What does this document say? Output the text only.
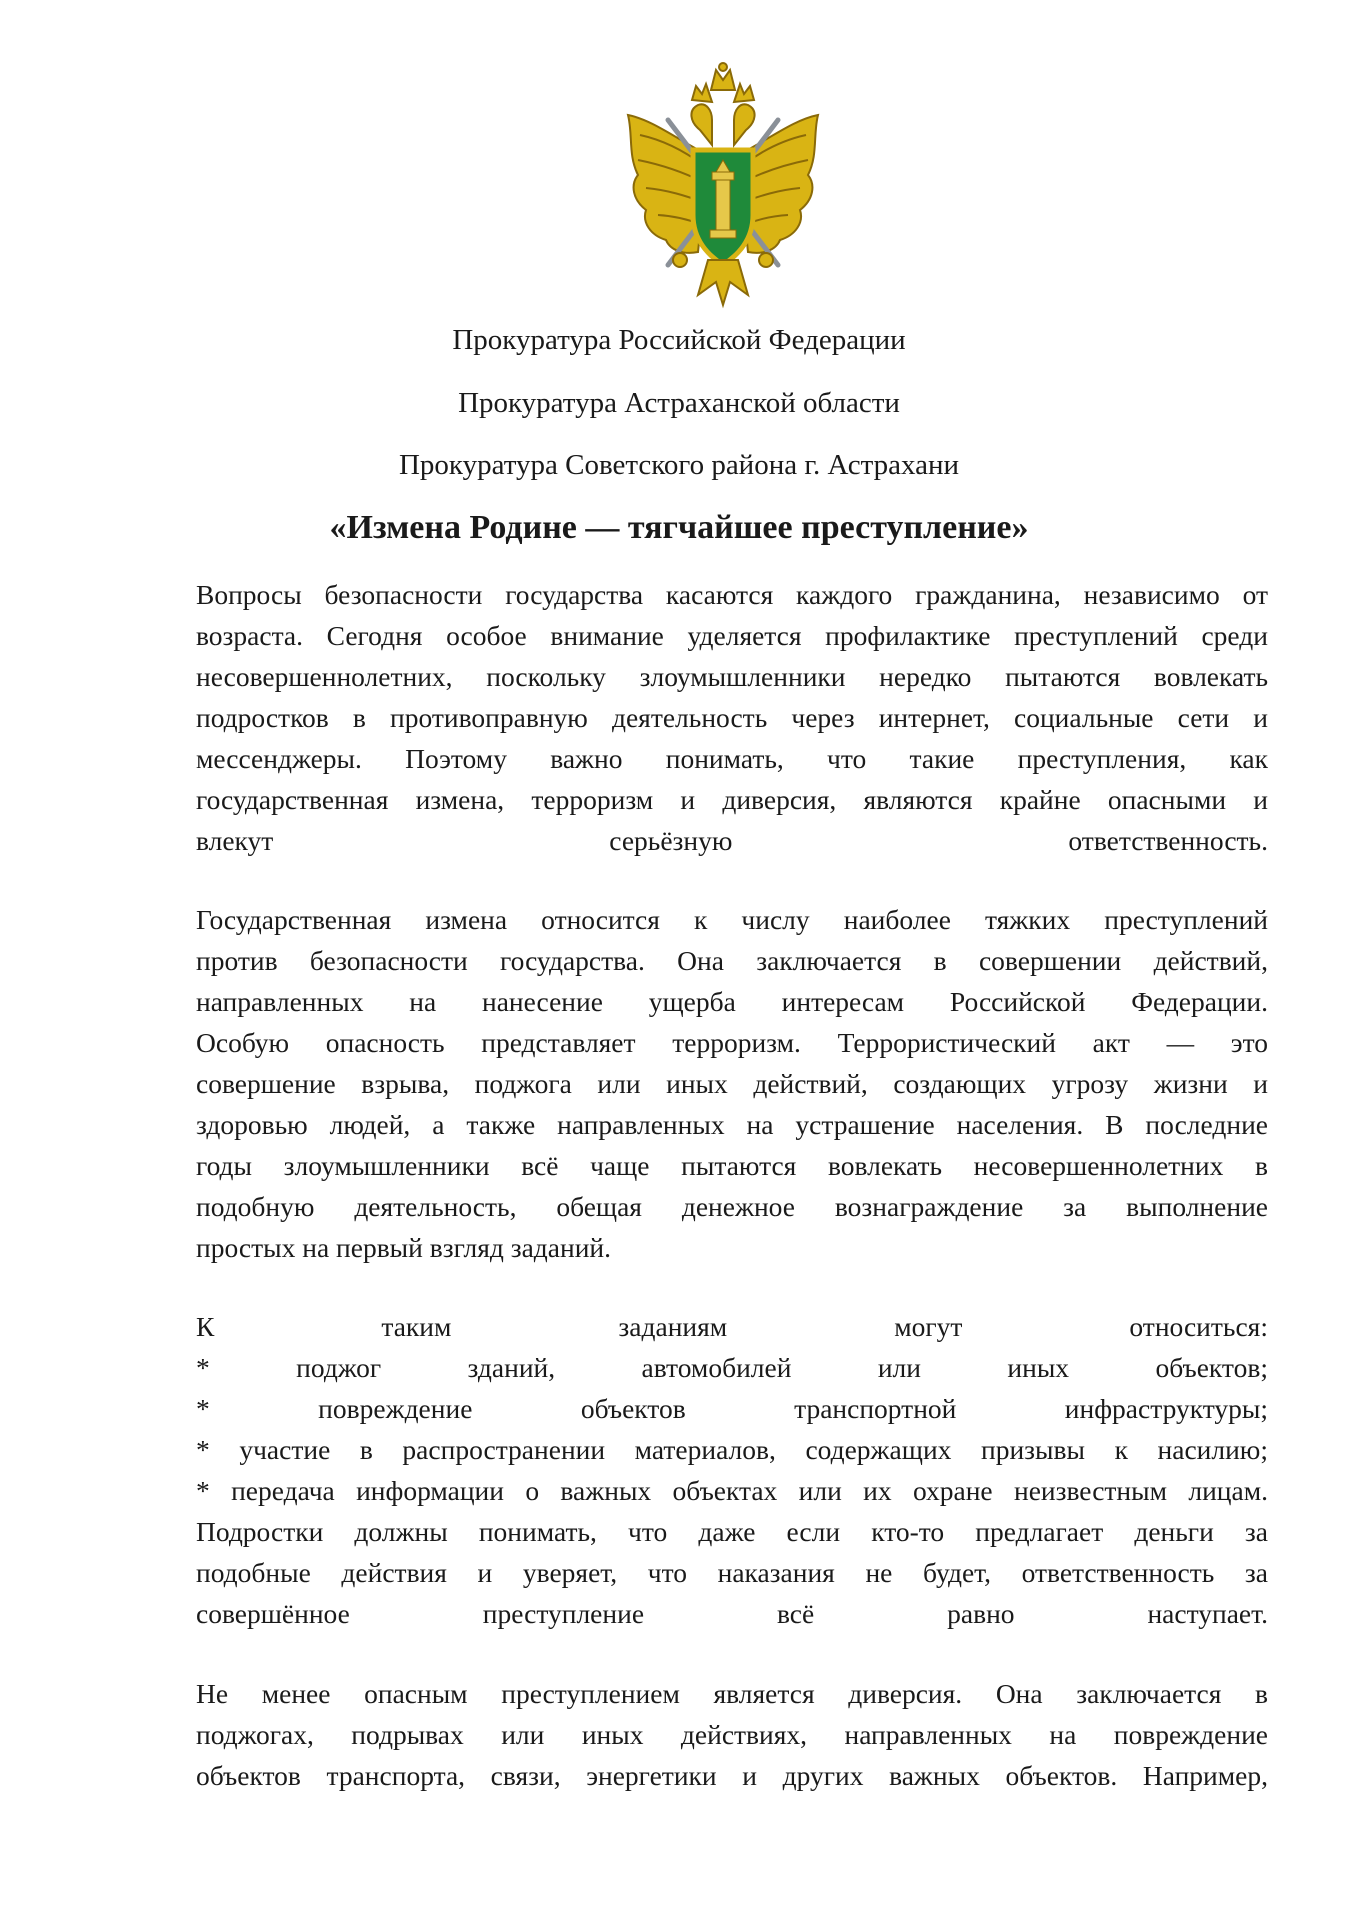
Прокуратура Российской Федерации
Прокуратура Астраханской области
Прокуратура Советского района г. Астрахани
«Измена Родине — тягчайшее преступление»
Вопросы безопасности государства касаются каждого гражданина, независимо от
возраста. Сегодня особое внимание уделяется профилактике преступлений среди
несовершеннолетних, поскольку злоумышленники нередко пытаются вовлекать
подростков в противоправную деятельность через интернет, социальные сети и
мессенджеры. Поэтому важно понимать, что такие преступления, как
государственная измена, терроризм и диверсия, являются крайне опасными и
влекут	серьёзную	ответственность.
Государственная измена относится к числу наиболее тяжких преступлений
против безопасности государства. Она заключается в совершении действий,
направленных на нанесение ущерба интересам Российской Федерации.
Особую опасность представляет терроризм. Террористический акт — это
совершение взрыва, поджога или иных действий, создающих угрозу жизни и
здоровью людей, а также направленных на устрашение населения. В последние
годы злоумышленники всё чаще пытаются вовлекать несовершеннолетних в
подобную деятельность, обещая денежное вознаграждение за выполнение
простых на первый взгляд заданий.
К	таким	заданиям	могут	относиться:
*	поджог	зданий,	автомобилей	или	иных	объектов;
*	повреждение	объектов	транспортной	инфраструктуры;
* участие в распространении материалов, содержащих призывы к насилию;
* передача информации о важных объектах или их охране неизвестным лицам.
Подростки должны понимать, что даже если кто-то предлагает деньги за
подобные действия и уверяет, что наказания не будет, ответственность за
совершённое	преступление	всё	равно	наступает.
Не менее опасным преступлением является диверсия. Она заключается в
поджогах, подрывах или иных действиях, направленных на повреждение
объектов транспорта, связи, энергетики и других важных объектов. Например,
